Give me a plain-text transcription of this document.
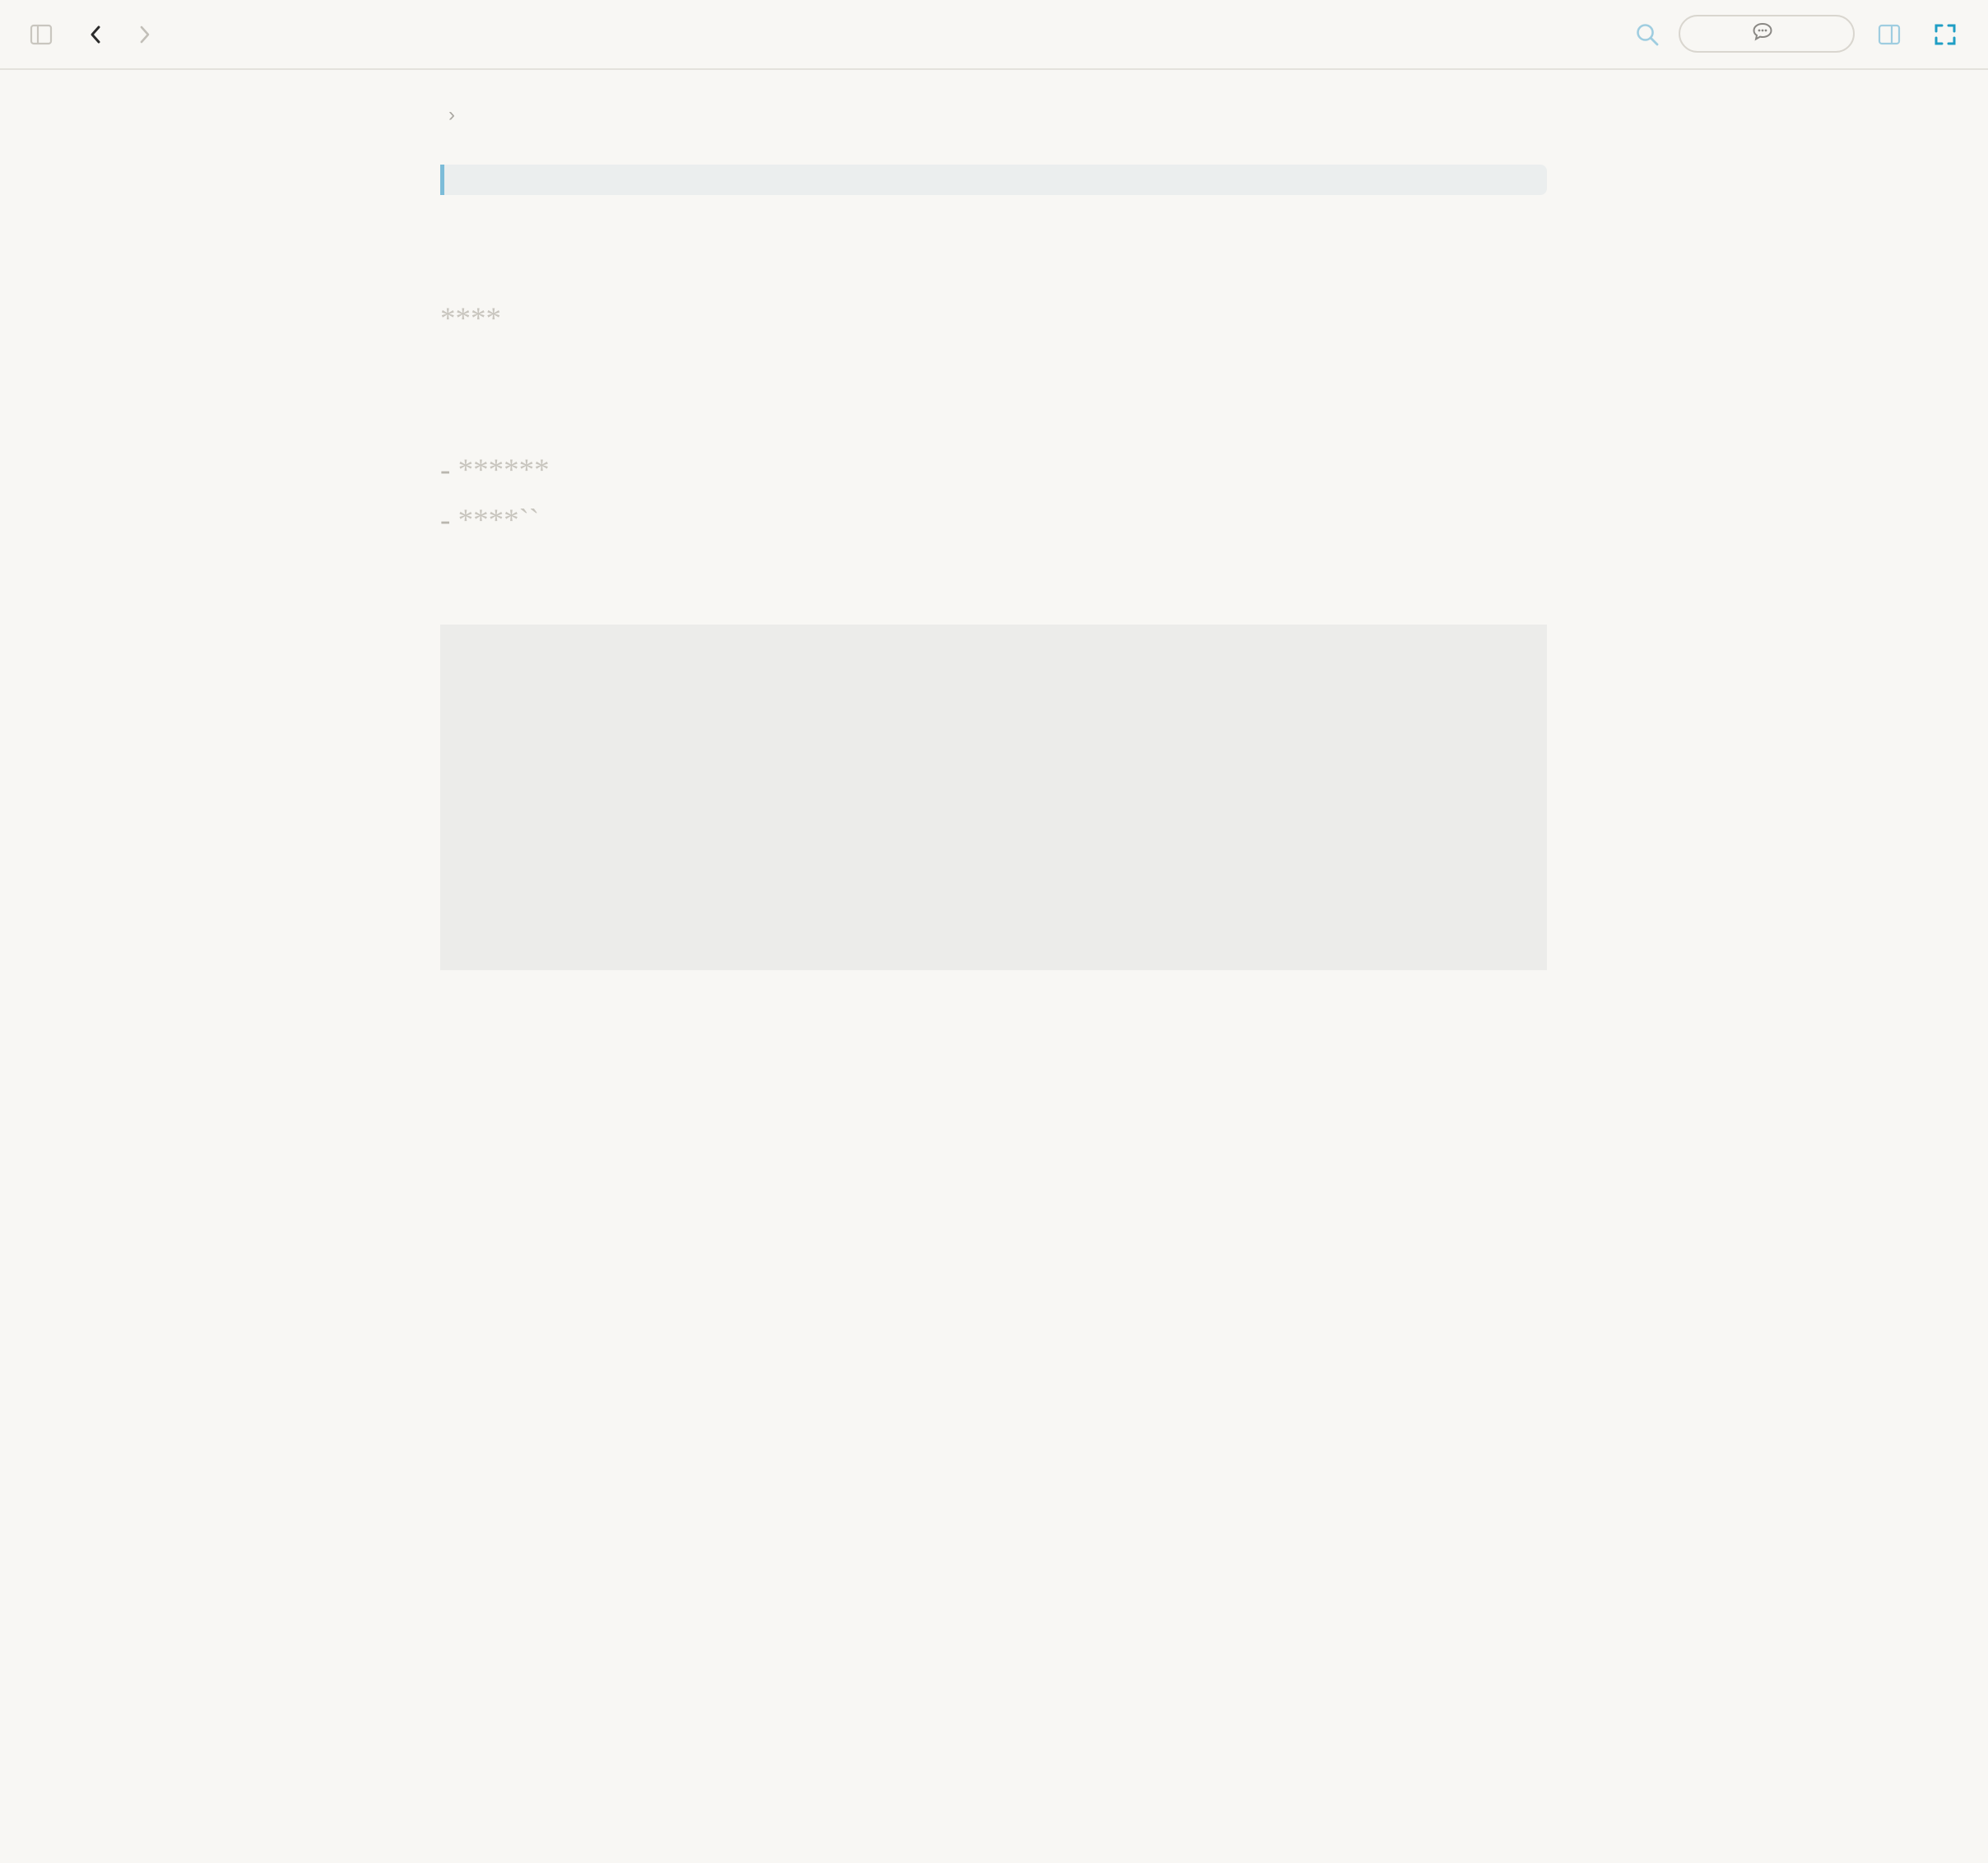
›

****

- ******

- ****``
